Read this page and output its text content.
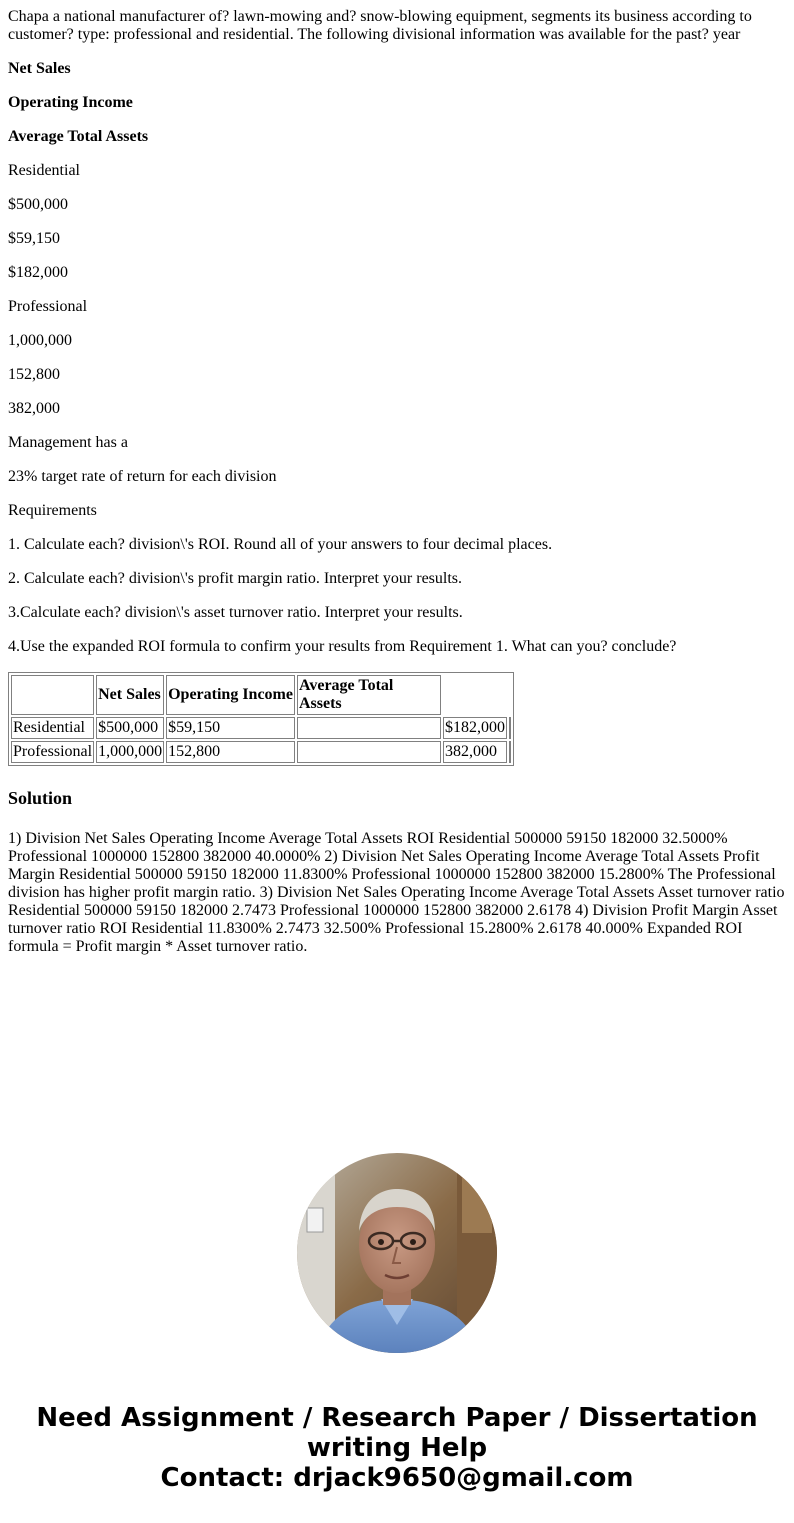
Chapa a national manufacturer of? lawn-mowing and? snow-blowing equipment, segments its business according to customer? type: professional and residential. The following divisional information was available for the past? year

Net Sales

Operating Income

Average Total Assets

Residential

$500,000

$59,150

$182,000

Professional

1,000,000

152,800

382,000

Management has a

23% target rate of return for each division

Requirements

1. Calculate each? division\'s ROI. Round all of your answers to four decimal places.

2. Calculate each? division\'s profit margin ratio. Interpret your results.

3.Calculate each? division\'s asset turnover ratio. Interpret your results.

4.Use the expanded ROI formula to confirm your results from Requirement 1. What can you? conclude?

	Net Sales	Operating Income	Average Total Assets		
Residential	$500,000	$59,150		$182,000	
Professional	1,000,000	152,800		382,000	
Solution

1) Division Net Sales Operating Income Average Total Assets ROI Residential 500000 59150 182000 32.5000% Professional 1000000 152800 382000 40.0000% 2) Division Net Sales Operating Income Average Total Assets Profit Margin Residential 500000 59150 182000 11.8300% Professional 1000000 152800 382000 15.2800% The Professional division has higher profit margin ratio. 3) Division Net Sales Operating Income Average Total Assets Asset turnover ratio Residential 500000 59150 182000 2.7473 Professional 1000000 152800 382000 2.6178 4) Division Profit Margin Asset turnover ratio ROI Residential 11.8300% 2.7473 32.500% Professional 15.2800% 2.6178 40.000% Expanded ROI formula = Profit margin * Asset turnover ratio.

Need Assignment / Research Paper / Dissertation
writing Help
Contact: drjack9650@gmail.com
